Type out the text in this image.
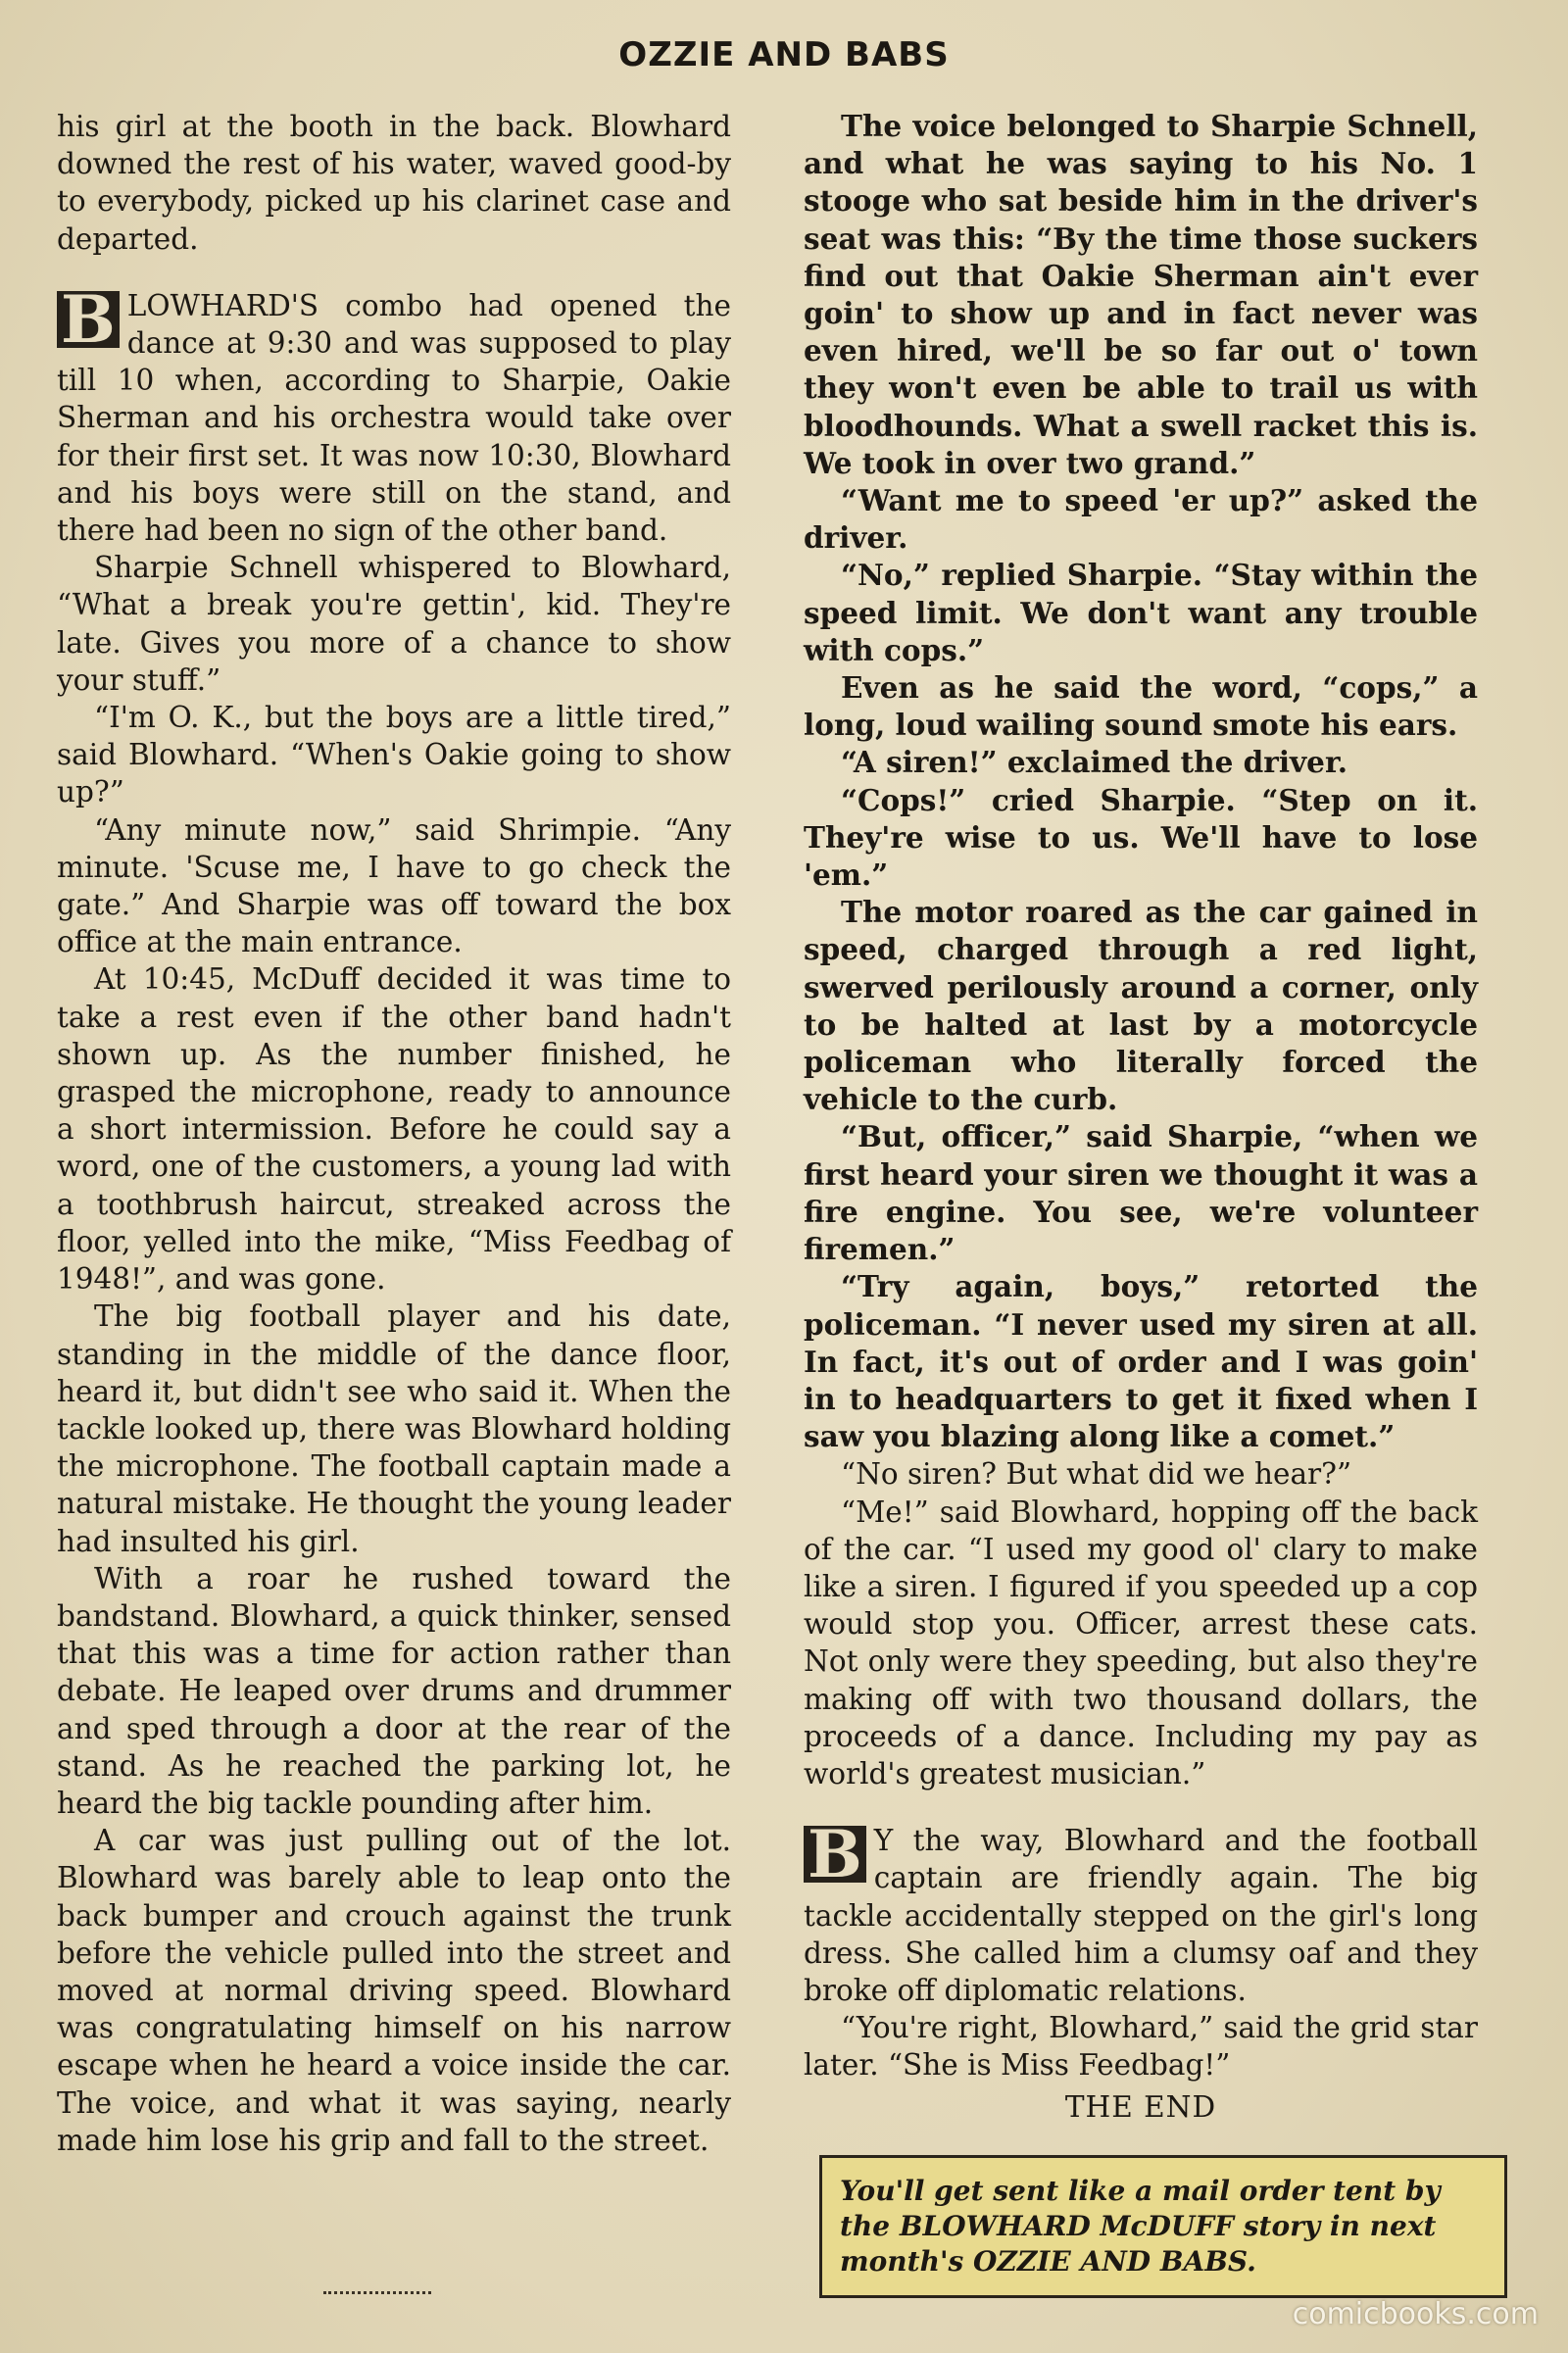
OZZIE AND BABS

his girl at the booth in the back. Blowhard downed the rest of his water, waved good-by to everybody, picked up his clarinet case and departed.

B LOWHARD'S combo had opened the dance at 9:30 and was supposed to play till 10 when, according to Sharpie, Oakie Sherman and his orchestra would take over for their first set. It was now 10:30, Blowhard and his boys were still on the stand, and there had been no sign of the other band.

Sharpie Schnell whispered to Blowhard, “What a break you're gettin', kid. They're late. Gives you more of a chance to show your stuff.”

“I'm O. K., but the boys are a little tired,” said Blowhard. “When's Oakie going to show up?”

“Any minute now,” said Shrimpie. “Any minute. 'Scuse me, I have to go check the gate.” And Sharpie was off toward the box office at the main entrance.

At 10:45, McDuff decided it was time to take a rest even if the other band hadn't shown up. As the number finished, he grasped the microphone, ready to announce a short intermission. Before he could say a word, one of the customers, a young lad with a toothbrush haircut, streaked across the floor, yelled into the mike, “Miss Feedbag of 1948!”, and was gone.

The big football player and his date, standing in the middle of the dance floor, heard it, but didn't see who said it. When the tackle looked up, there was Blowhard holding the microphone. The football captain made a natural mistake. He thought the young leader had insulted his girl.

With a roar he rushed toward the bandstand. Blowhard, a quick thinker, sensed that this was a time for action rather than debate. He leaped over drums and drummer and sped through a door at the rear of the stand. As he reached the parking lot, he heard the big tackle pounding after him.

A car was just pulling out of the lot. Blowhard was barely able to leap onto the back bumper and crouch against the trunk before the vehicle pulled into the street and moved at normal driving speed. Blowhard was congratulating himself on his narrow escape when he heard a voice inside the car. The voice, and what it was saying, nearly made him lose his grip and fall to the street.

The voice belonged to Sharpie Schnell, and what he was saying to his No. 1 stooge who sat beside him in the driver's seat was this: “By the time those suckers find out that Oakie Sherman ain't ever goin' to show up and in fact never was even hired, we'll be so far out o' town they won't even be able to trail us with bloodhounds. What a swell racket this is. We took in over two grand.”

“Want me to speed 'er up?” asked the driver.

“No,” replied Sharpie. “Stay within the speed limit. We don't want any trouble with cops.”

Even as he said the word, “cops,” a long, loud wailing sound smote his ears.

“A siren!” exclaimed the driver.

“Cops!” cried Sharpie. “Step on it. They're wise to us. We'll have to lose 'em.”

The motor roared as the car gained in speed, charged through a red light, swerved perilously around a corner, only to be halted at last by a motorcycle policeman who literally forced the vehicle to the curb.

“But, officer,” said Sharpie, “when we first heard your siren we thought it was a fire engine. You see, we're volunteer firemen.”

“Try again, boys,” retorted the policeman. “I never used my siren at all. In fact, it's out of order and I was goin' in to headquarters to get it fixed when I saw you blazing along like a comet.”

“No siren? But what did we hear?”

“Me!” said Blowhard, hopping off the back of the car. “I used my good ol' clary to make like a siren. I figured if you speeded up a cop would stop you. Officer, arrest these cats. Not only were they speeding, but also they're making off with two thousand dollars, the proceeds of a dance. Including my pay as world's greatest musician.”

B Y the way, Blowhard and the football captain are friendly again. The big tackle accidentally stepped on the girl's long dress. She called him a clumsy oaf and they broke off diplomatic relations.

“You're right, Blowhard,” said the grid star later. “She is Miss Feedbag!”

THE END
You'll get sent like a mail order tent by the BLOWHARD McDUFF story in next month's OZZIE AND BABS.
comicbooks.com
